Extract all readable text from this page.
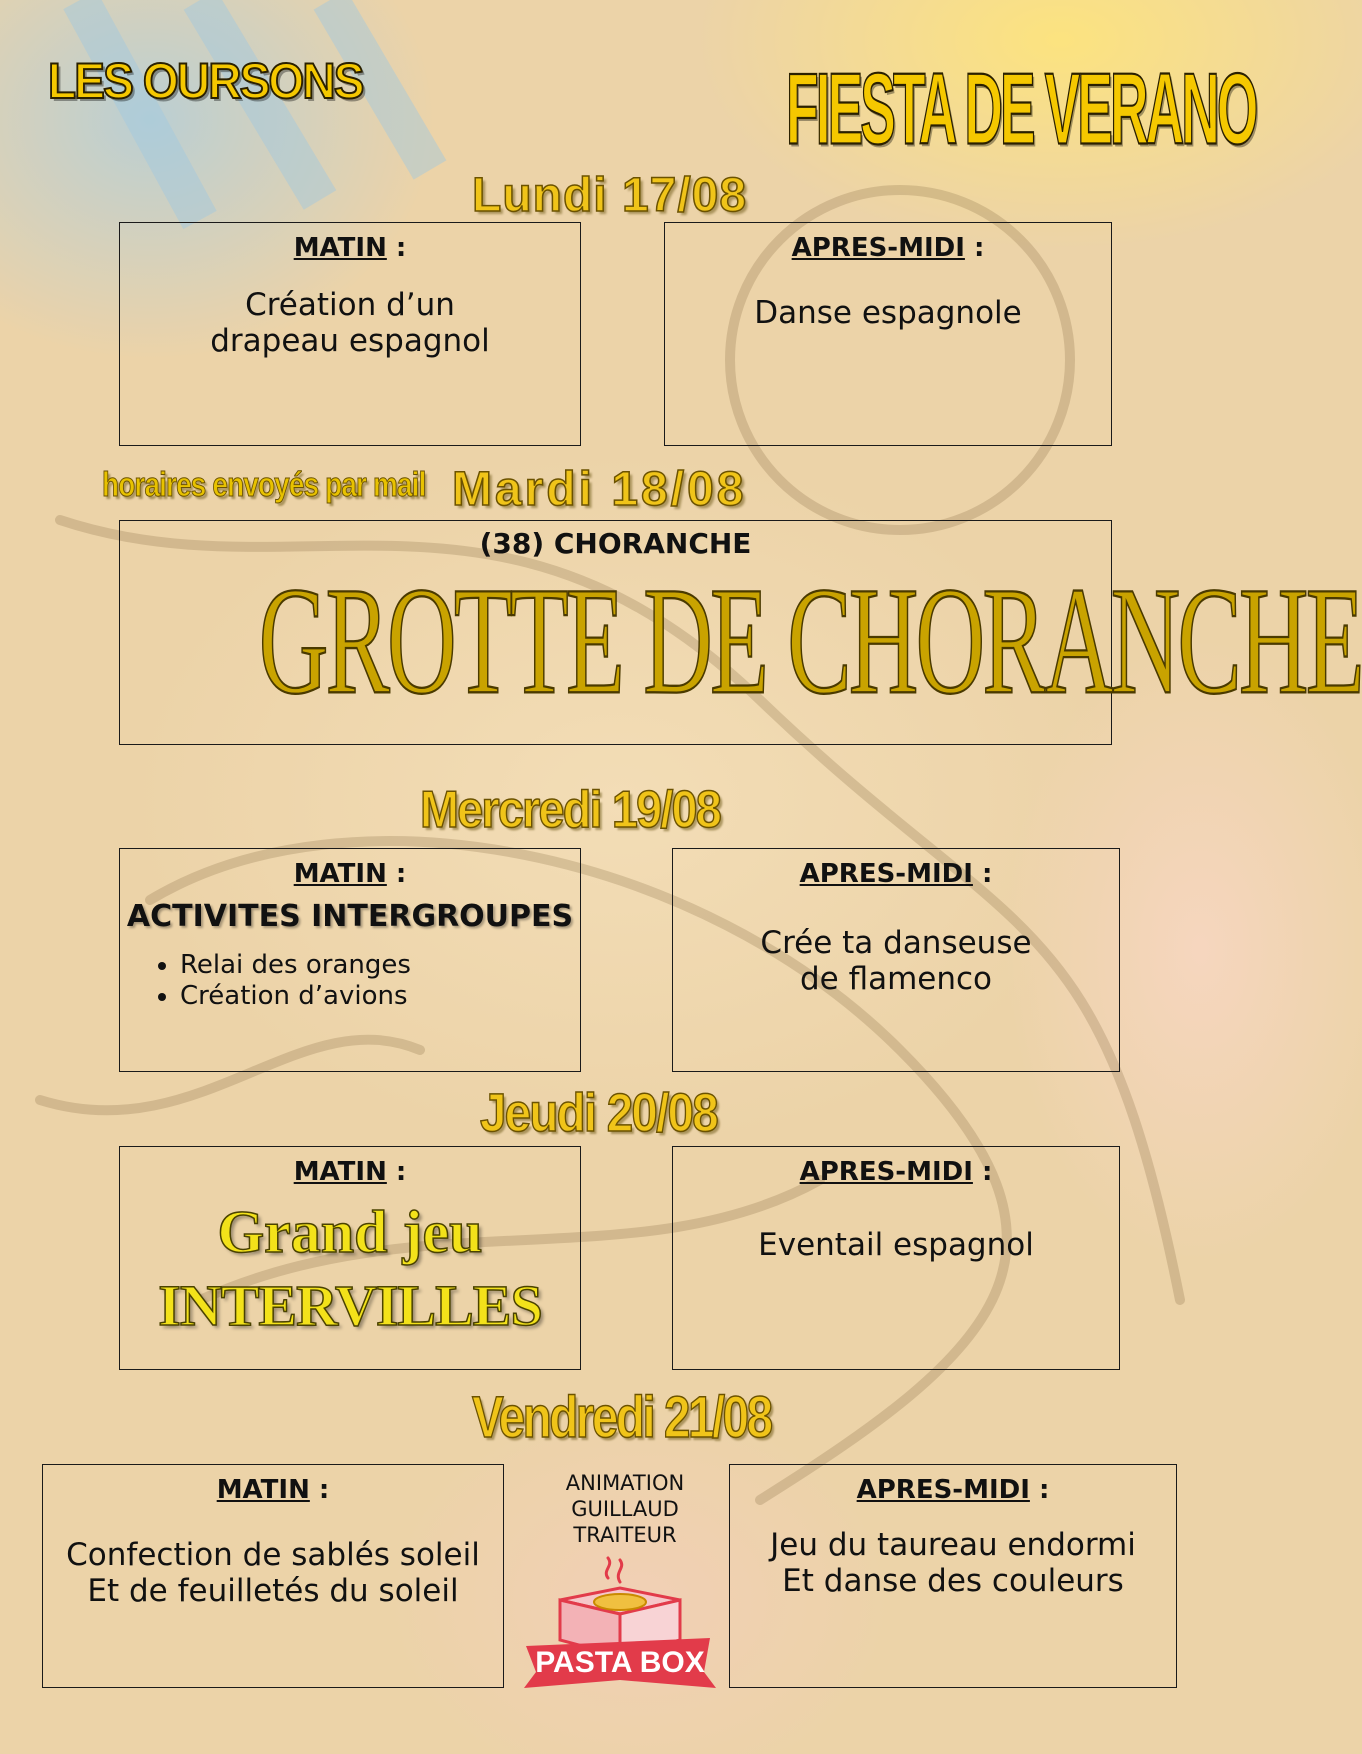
LES OURSONS	FIESTA DE VERANO
Lundi 17/08
MATIN :
Création d’un
drapeau espagnol
APRES-MIDI :
Danse espagnole
horaires envoyés par mail Mardi 18/08
(38) CHORANCHE
GROTTE DE CHORANCHE
Mercredi 19/08
MATIN :
ACTIVITES INTERGROUPES
• Relai des oranges
• Création d’avions
APRES-MIDI :
Crée ta danseuse
de flamenco
Jeudi 20/08
MATIN :
Grand jeu
INTERVILLES
APRES-MIDI :
Eventail espagnol
Vendredi 21/08
MATIN :
Confection de sablés soleil
Et de feuilletés du soleil
APRES-MIDI :
Jeu du taureau endormi
Et danse des couleurs
ANIMATION
GUILLAUD
TRAITEUR
PASTA BOX
